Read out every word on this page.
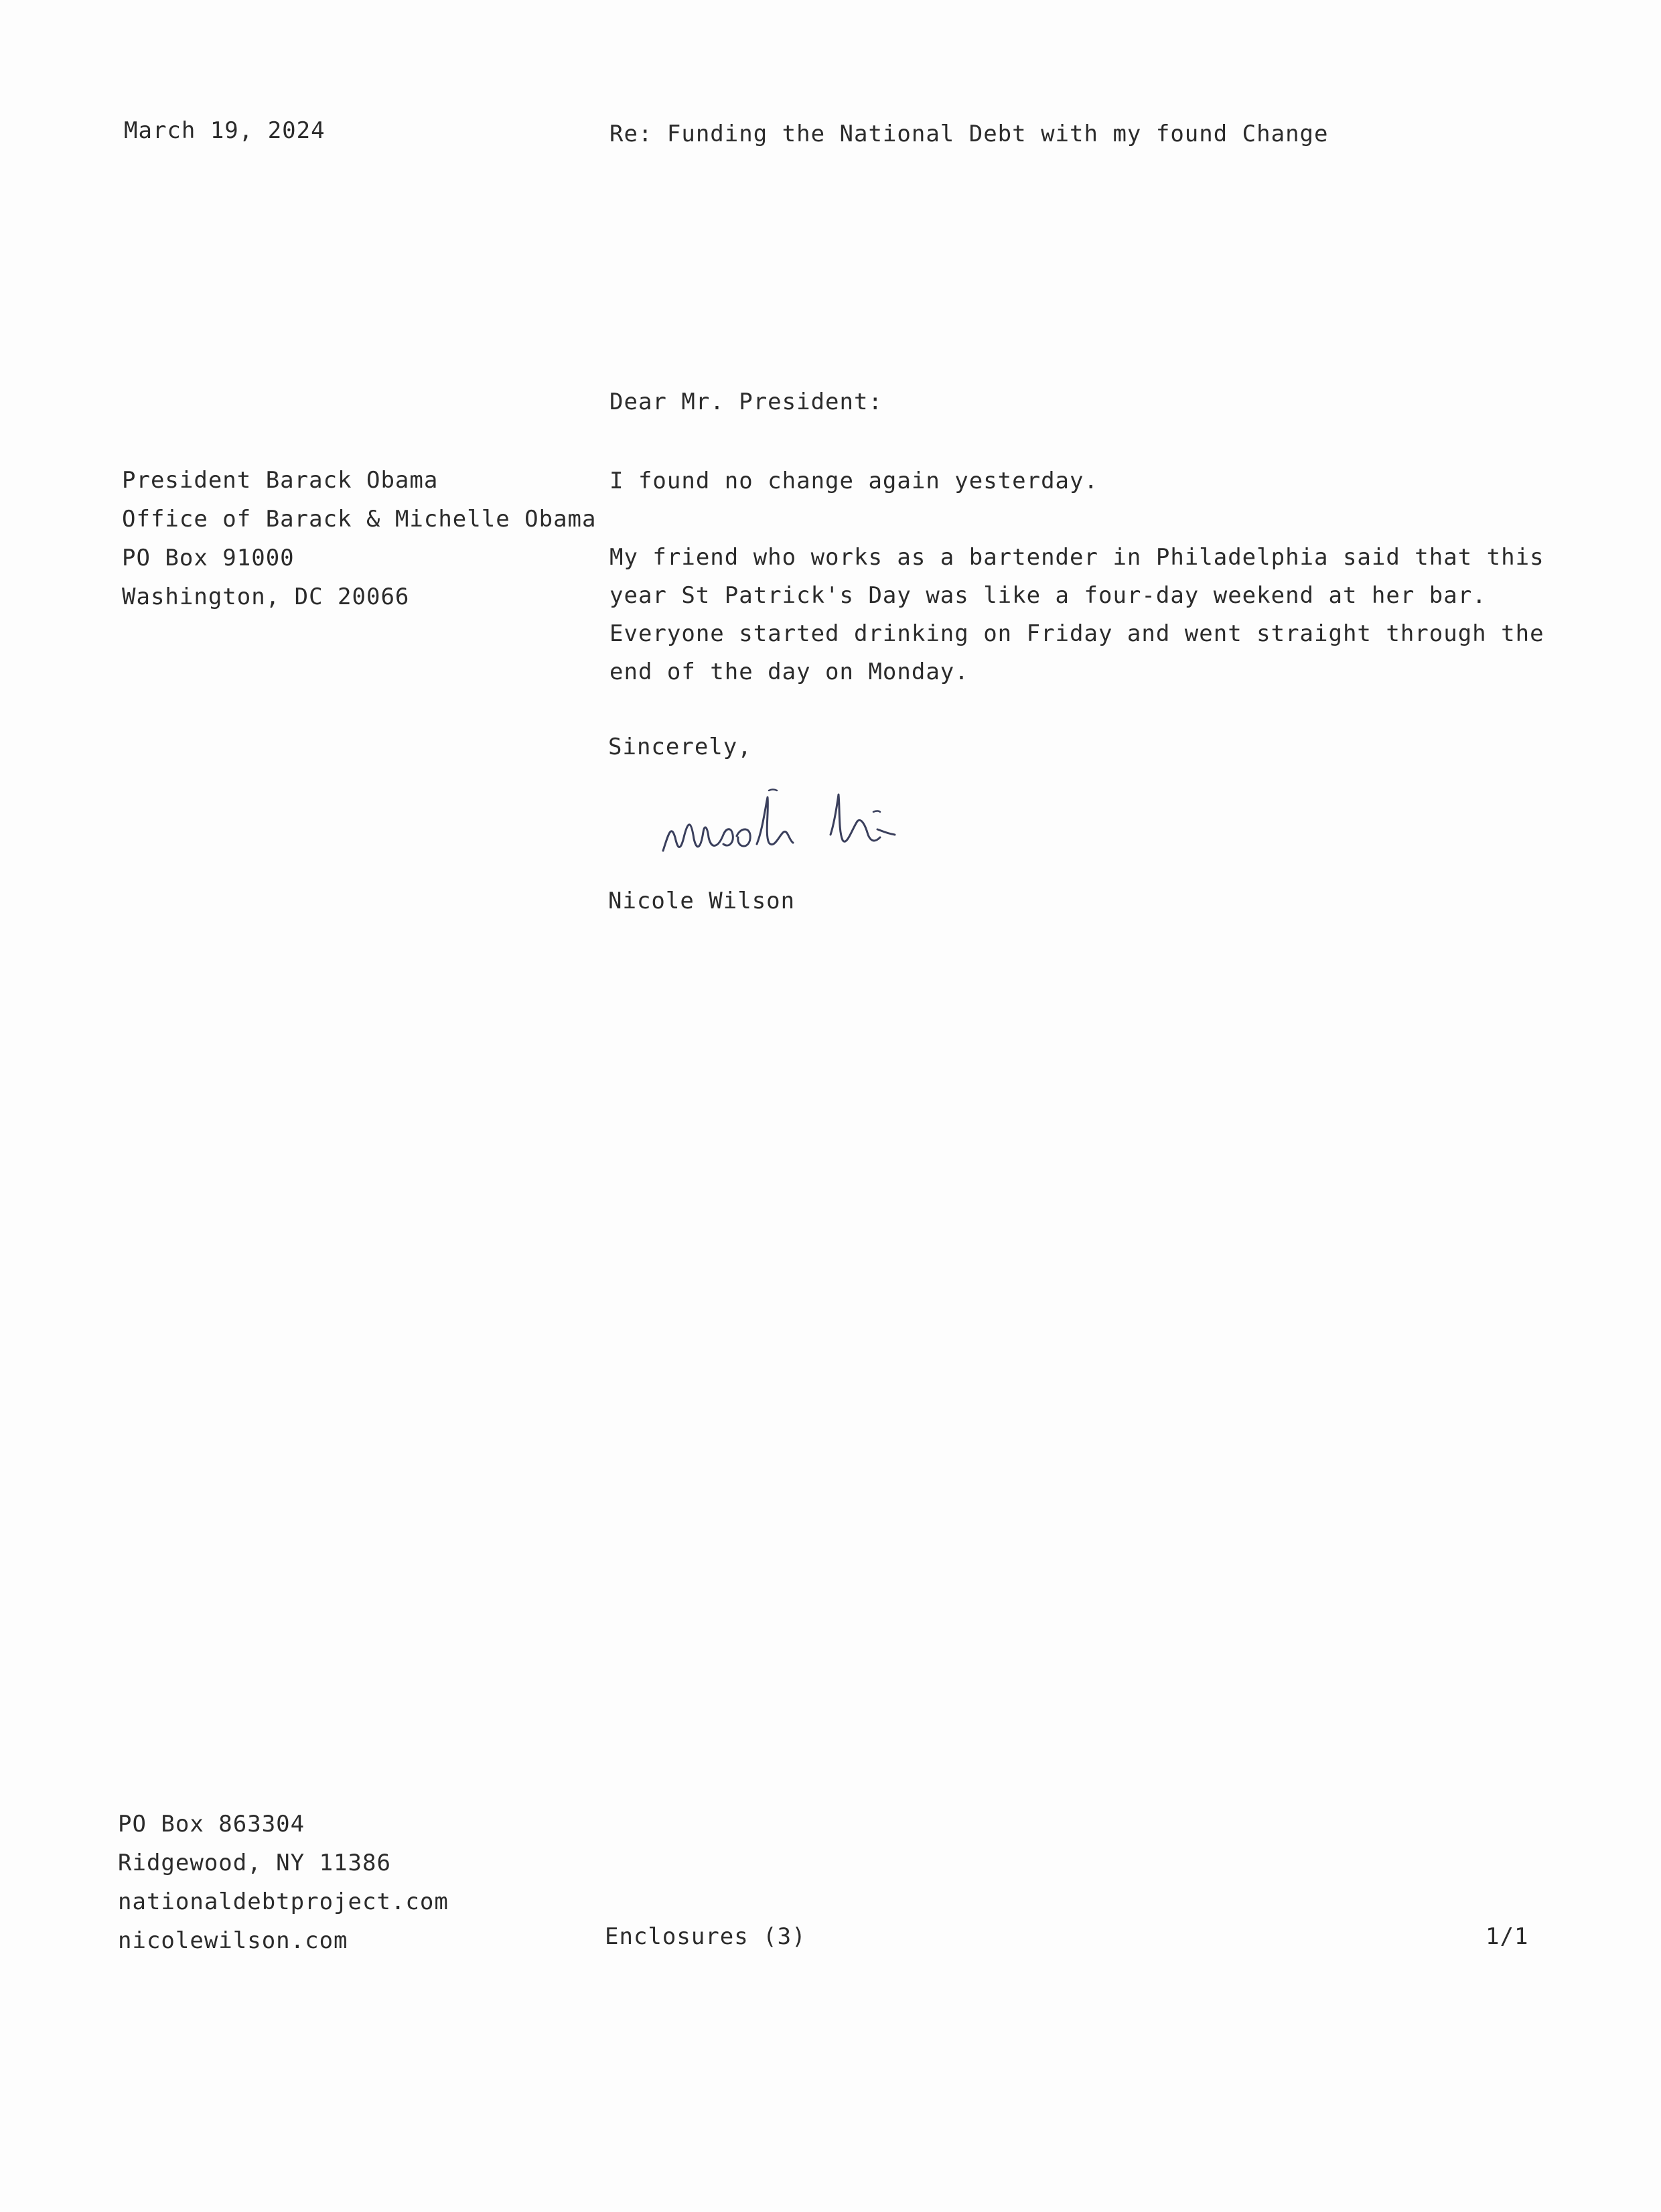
March 19, 2024	Re: Funding the National Debt with my found Change
Dear Mr. President:
President Barack Obama
Office of Barack & Michelle Obama
PO Box 91000
Washington, DC 20066

I found no change again yesterday.

My friend who works as a bartender in Philadelphia said that this
year St Patrick's Day was like a four-day weekend at her bar.
Everyone started drinking on Friday and went straight through the
end of the day on Monday.

Sincerely,
Nicole Wilson
PO Box 863304
Ridgewood, NY 11386
nationaldebtproject.com
nicolewilson.com	Enclosures (3)	1/1
